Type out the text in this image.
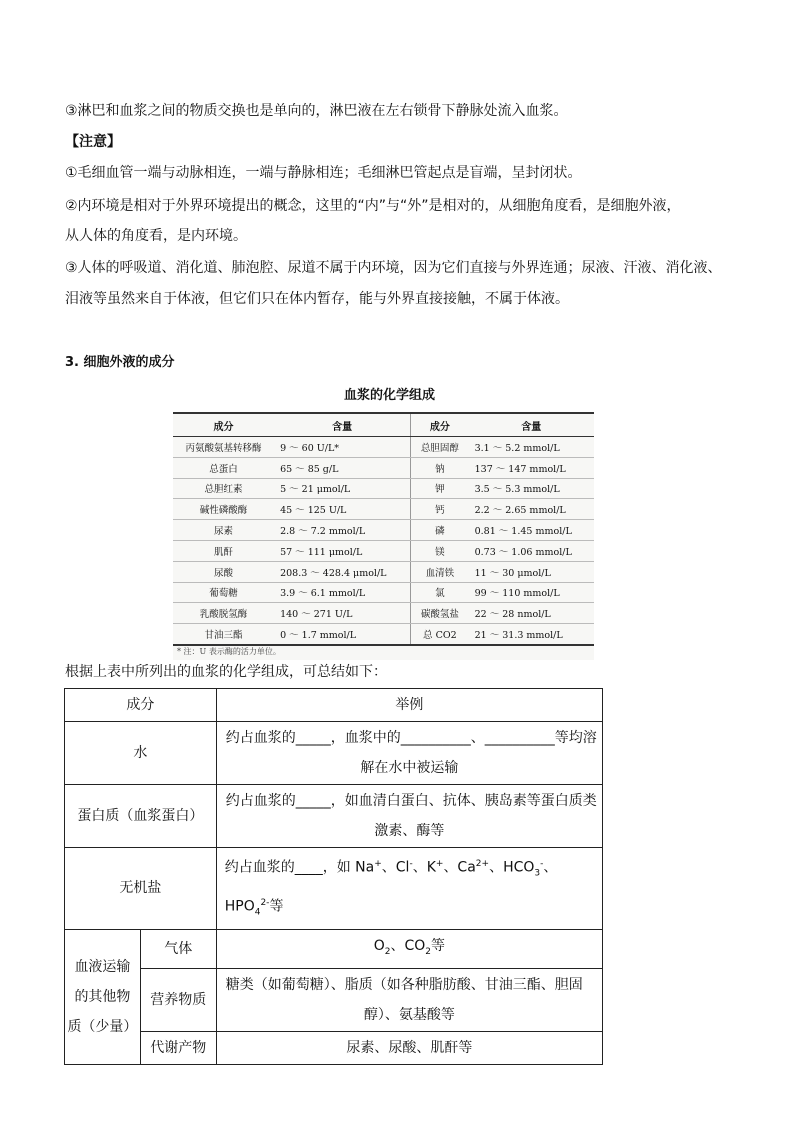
③淋巴和血浆之间的物质交换也是单向的，淋巴液在左右锁骨下静脉处流入血浆。
【注意】
①毛细血管一端与动脉相连，一端与静脉相连；毛细淋巴管起点是盲端，呈封闭状。
②内环境是相对于外界环境提出的概念，这里的“内”与“外”是相对的，从细胞角度看，是细胞外液，
从人体的角度看，是内环境。
③人体的呼吸道、消化道、肺泡腔、尿道不属于内环境，因为它们直接与外界连通；尿液、汗液、消化液、
泪液等虽然来自于体液，但它们只在体内暂存，能与外界直接接触，不属于体液。
3. 细胞外液的成分
血浆的化学组成
成分	含量	成分	含量
丙氨酸氨基转移酶	9 ～ 60 U/L*	总胆固醇	3.1 ～ 5.2 mmol/L
总蛋白	65 ～ 85 g/L	钠	137 ～ 147 mmol/L
总胆红素	5 ～ 21 μmol/L	钾	3.5 ～ 5.3 mmol/L
碱性磷酸酶	45 ～ 125 U/L	钙	2.2 ～ 2.65 mmol/L
尿素	2.8 ～ 7.2 mmol/L	磷	0.81 ～ 1.45 mmol/L
肌酐	57 ～ 111 μmol/L	镁	0.73 ～ 1.06 mmol/L
尿酸	208.3 ～ 428.4 μmol/L	血清铁	11 ～ 30 μmol/L
葡萄糖	3.9 ～ 6.1 mmol/L	氯	99 ～ 110 mmol/L
乳酸脱氢酶	140 ～ 271 U/L	碳酸氢盐	22 ～ 28 nmol/L
甘油三酯	0 ～ 1.7 mmol/L	总 CO2	21 ～ 31.3 mmol/L
* 注：U 表示酶的活力单位。
根据上表中所列出的血浆的化学组成，可总结如下：
成分		举例
水		约占血浆的_____，血浆中的__________、__________等均溶
解在水中被运输

蛋白质（血浆蛋白）		约占血浆的_____，如血清白蛋白、抗体、胰岛素等蛋白质类
激素、酶等

无机盐		约占血浆的____，如 Na+、Cl-、K+、$Ca^{2+}$、$HCO_3^-$、$HPO_4^{2-}$等

血液运输
的其他物
质（少量）	气体	$O_2$、$CO_2$等
	营养物质	糖类（如葡萄糖）、脂质（如各种脂肪酸、甘油三酯、胆固
醇）、氨基酸等

	代谢产物	尿素、尿酸、肌酐等
